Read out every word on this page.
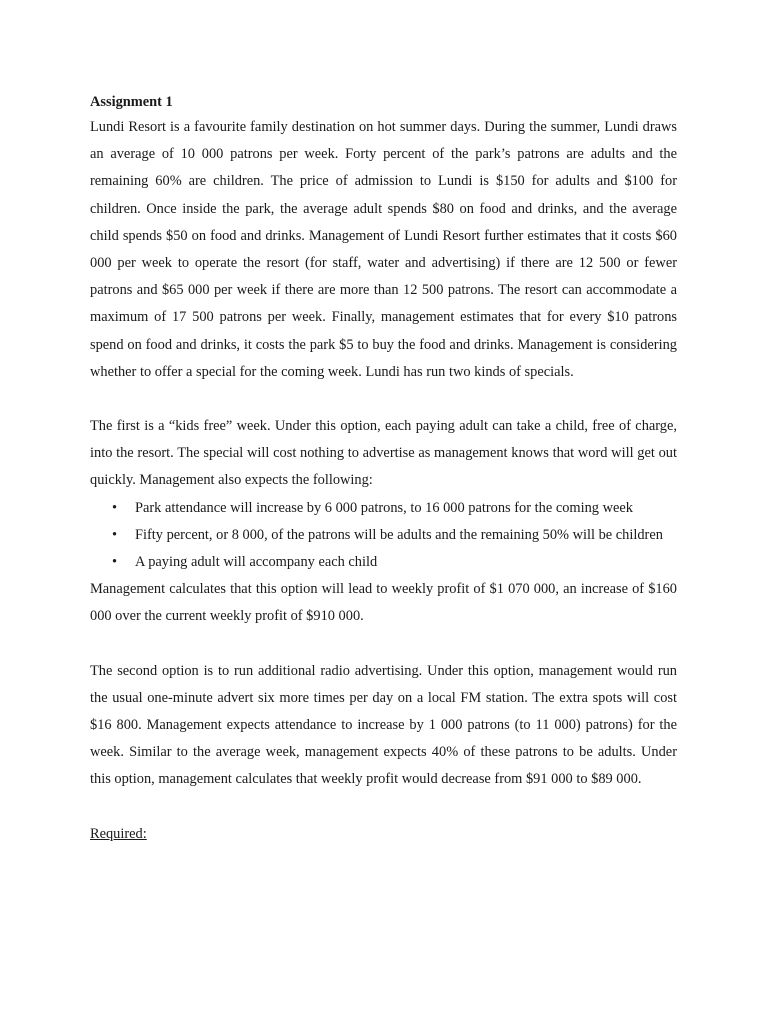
Assignment 1

Lundi Resort is a favourite family destination on hot summer days. During the summer, Lundi draws an average of 10 000 patrons per week. Forty percent of the park’s patrons are adults and the remaining 60% are children. The price of admission to Lundi is $150 for adults and $100 for children. Once inside the park, the average adult spends $80 on food and drinks, and the average child spends $50 on food and drinks. Management of Lundi Resort further estimates that it costs $60 000 per week to operate the resort (for staff, water and advertising) if there are 12 500 or fewer patrons and $65 000 per week if there are more than 12 500 patrons. The resort can accommodate a maximum of 17 500 patrons per week. Finally, management estimates that for every $10 patrons spend on food and drinks, it costs the park $5 to buy the food and drinks. Management is considering whether to offer a special for the coming week. Lundi has run two kinds of specials.

The first is a “kids free” week. Under this option, each paying adult can take a child, free of charge, into the resort. The special will cost nothing to advertise as management knows that word will get out quickly. Management also expects the following:

• Park attendance will increase by 6 000 patrons, to 16 000 patrons for the coming week
• Fifty percent, or 8 000, of the patrons will be adults and the remaining 50% will be children
• A paying adult will accompany each child

Management calculates that this option will lead to weekly profit of $1 070 000, an increase of $160 000 over the current weekly profit of $910 000.

The second option is to run additional radio advertising. Under this option, management would run the usual one-minute advert six more times per day on a local FM station. The extra spots will cost $16 800. Management expects attendance to increase by 1 000 patrons (to 11 000) patrons) for the week. Similar to the average week, management expects 40% of these patrons to be adults. Under this option, management calculates that weekly profit would decrease from $91 000 to $89 000.

Required:
